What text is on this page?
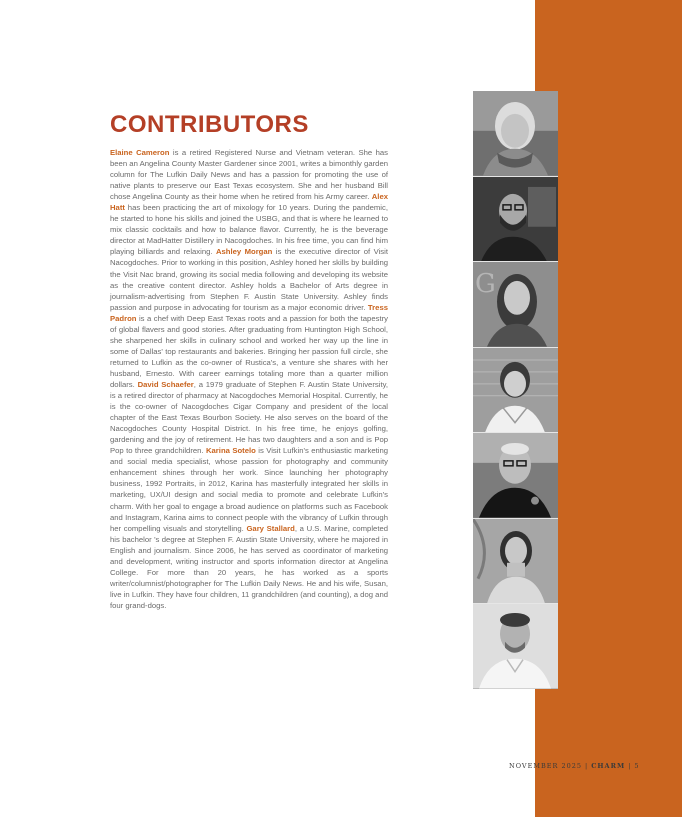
G
CONTRIBUTORS

Elaine Cameron is a retired Registered Nurse and Vietnam veteran. She has been an Angelina County Master Gardener since 2001, writes a bimonthly garden column for The Lufkin Daily News and has a passion for promoting the use of native plants to preserve our East Texas ecosystem. She and her husband Bill chose Angelina County as their home when he retired from his Army career. Alex Hatt has been practicing the art of mixology for 10 years. During the pandemic, he started to hone his skills and joined the USBG, and that is where he learned to mix classic cocktails and how to balance flavor. Currently, he is the beverage director at MadHatter Distillery in Nacogdoches. In his free time, you can find him playing billiards and relaxing. Ashley Morgan is the executive director of Visit Nacogdoches. Prior to working in this position, Ashley honed her skills by building the Visit Nac brand, growing its social media following and developing its website as the creative content director. Ashley holds a Bachelor of Arts degree in journalism-advertising from Stephen F. Austin State University. Ashley finds passion and purpose in advocating for tourism as a major economic driver. Tress Padron is a chef with Deep East Texas roots and a passion for both the tapestry of global flavers and good stories. After graduating from Huntington High School, she sharpened her skills in culinary school and worked her way up the line in some of Dallas' top restaurants and bakeries. Bringing her passion full circle, she returned to Lufkin as the co-owner of Rustica's, a venture she shares with her husband, Ernesto. With career earnings totaling more than a quarter million dollars. David Schaefer, a 1979 graduate of Stephen F. Austin State University, is a retired director of pharmacy at Nacogdoches Memorial Hospital. Currently, he is the co-owner of Nacogdoches Cigar Company and president of the local chapter of the East Texas Bourbon Society. He also serves on the board of the Nacogdoches County Hospital District. In his free time, he enjoys golfing, gardening and the joy of retirement. He has two daughters and a son and is Pop Pop to three grandchildren. Karina Sotelo is Visit Lufkin's enthusiastic marketing and social media specialist, whose passion for photography and community enhancement shines through her work. Since launching her photography business, 1992 Portraits, in 2012, Karina has masterfully integrated her skills in marketing, UX/UI design and social media to promote and celebrate Lufkin's charm. With her goal to engage a broad audience on platforms such as Facebook and Instagram, Karina aims to connect people with the vibrancy of Lufkin through her compelling visuals and storytelling. Gary Stallard, a U.S. Marine, completed his bachelor 's degree at Stephen F. Austin State University, where he majored in English and journalism. Since 2006, he has served as coordinator of marketing and development, writing instructor and sports information director at Angelina College. For more than 20 years, he has worked as a sports writer/columnist/photographer for The Lufkin Daily News. He and his wife, Susan, live in Lufkin. They have four children, 11 grandchildren (and counting), a dog and four grand-dogs.

NOVEMBER 2025 | CHARM | 5
